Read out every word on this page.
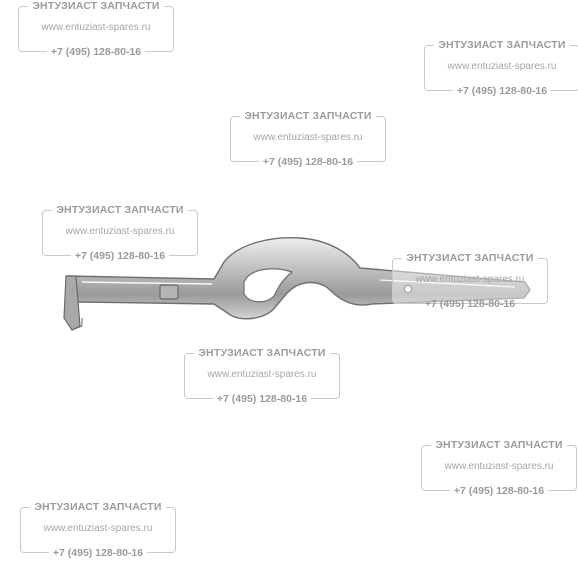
ЭНТУЗИАСТ ЗАПЧАСТИ
www.entuziast-spares.ru
+7 (495) 128-80-16
ЭНТУЗИАСТ ЗАПЧАСТИ
www.entuziast-spares.ru
+7 (495) 128-80-16
ЭНТУЗИАСТ ЗАПЧАСТИ
www.entuziast-spares.ru
+7 (495) 128-80-16
ЭНТУЗИАСТ ЗАПЧАСТИ
www.entuziast-spares.ru
+7 (495) 128-80-16	ЭНТУЗИАСТ ЗАПЧАСТИ
www.entuziast-spares.ru
+7 (495) 128-80-16
ЭНТУЗИАСТ ЗАПЧАСТИ
www.entuziast-spares.ru
+7 (495) 128-80-16
ЭНТУЗИАСТ ЗАПЧАСТИ
www.entuziast-spares.ru
+7 (495) 128-80-16
ЭНТУЗИАСТ ЗАПЧАСТИ
www.entuziast-spares.ru
+7 (495) 128-80-16
